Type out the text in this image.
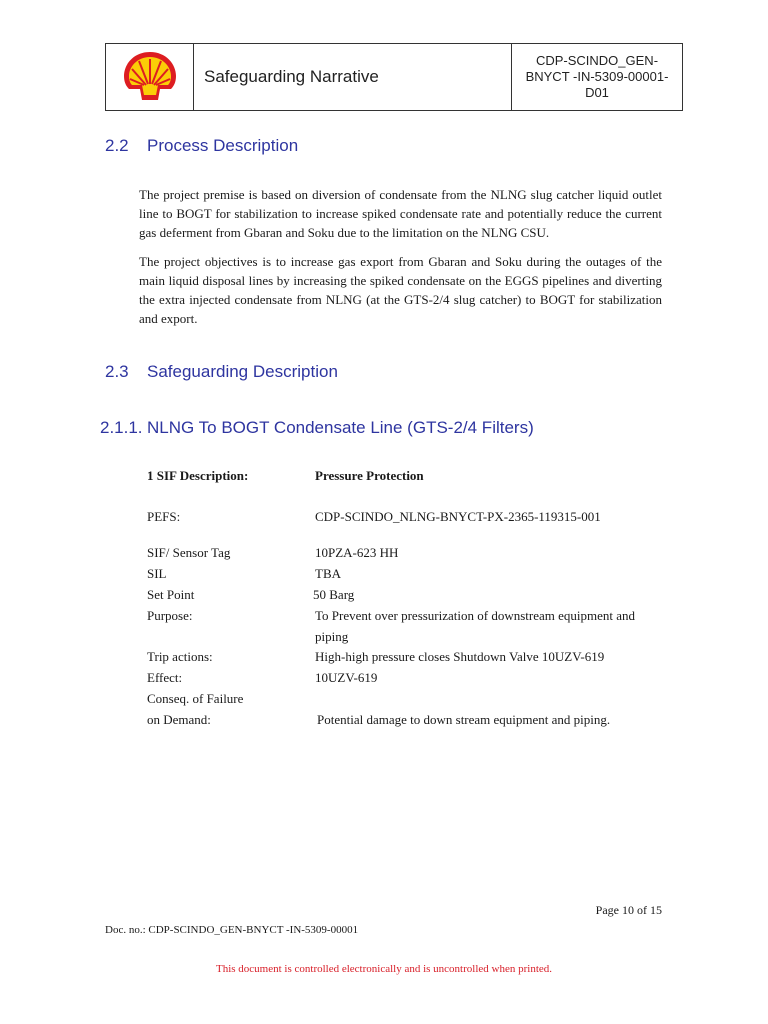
Safeguarding Narrative
CDP-SCINDO_GEN-
BNYCT -IN-5309-00001-
D01
2.2 Process Description
The project premise is based on diversion of condensate from the NLNG slug catcher liquid outlet line to BOGT for stabilization to increase spiked condensate rate and potentially reduce the current gas deferment from Gbaran and Soku due to the limitation on the NLNG CSU.
The project objectives is to increase gas export from Gbaran and Soku during the outages of the main liquid disposal lines by increasing the spiked condensate on the EGGS pipelines and diverting the extra injected condensate from NLNG (at the GTS-2/4 slug catcher) to BOGT for stabilization and export.
2.3 Safeguarding Description
2.1.1. NLNG To BOGT Condensate Line (GTS-2/4 Filters)
1 SIF Description:	Pressure Protection
PEFS:	CDP-SCINDO_NLNG-BNYCT-PX-2365-119315-001
SIF/ Sensor Tag	10PZA-623 HH
SIL	TBA
Set Point	50 Barg
Purpose:	To Prevent over pressurization of downstream equipment and piping
Trip actions:	High-high pressure closes Shutdown Valve 10UZV-619
Effect:	10UZV-619
Conseq. of Failure
on Demand:	Potential damage to down stream equipment and piping.
Page 10 of 15
Doc. no.: CDP-SCINDO_GEN-BNYCT -IN-5309-00001
This document is controlled electronically and is uncontrolled when printed.
